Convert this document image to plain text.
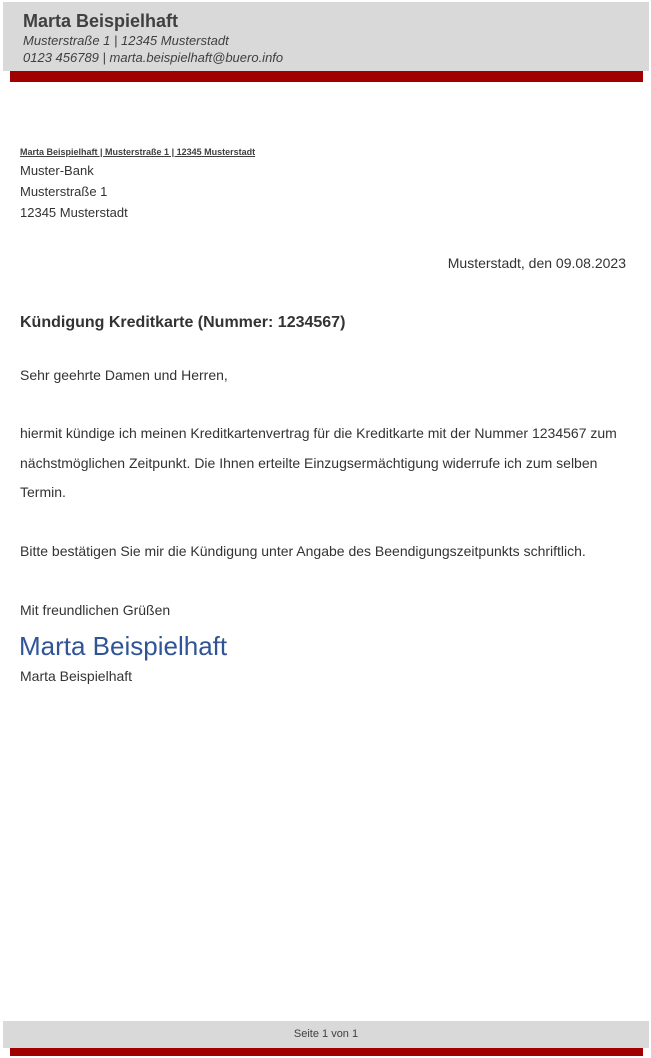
Marta Beispielhaft
Musterstraße 1 | 12345 Musterstadt
0123 456789 | marta.beispielhaft@buero.info
Marta Beispielhaft | Musterstraße 1 | 12345 Musterstadt
Muster-Bank
Musterstraße 1
12345 Musterstadt
Musterstadt, den 09.08.2023
Kündigung Kreditkarte (Nummer: 1234567)
Sehr geehrte Damen und Herren,
hiermit kündige ich meinen Kreditkartenvertrag für die Kreditkarte mit der Nummer 1234567 zum nächstmöglichen Zeitpunkt. Die Ihnen erteilte Einzugsermächtigung widerrufe ich zum selben Termin.
Bitte bestätigen Sie mir die Kündigung unter Angabe des Beendigungszeitpunkts schriftlich.
Mit freundlichen Grüßen
Marta Beispielhaft
Marta Beispielhaft
Seite 1 von 1
